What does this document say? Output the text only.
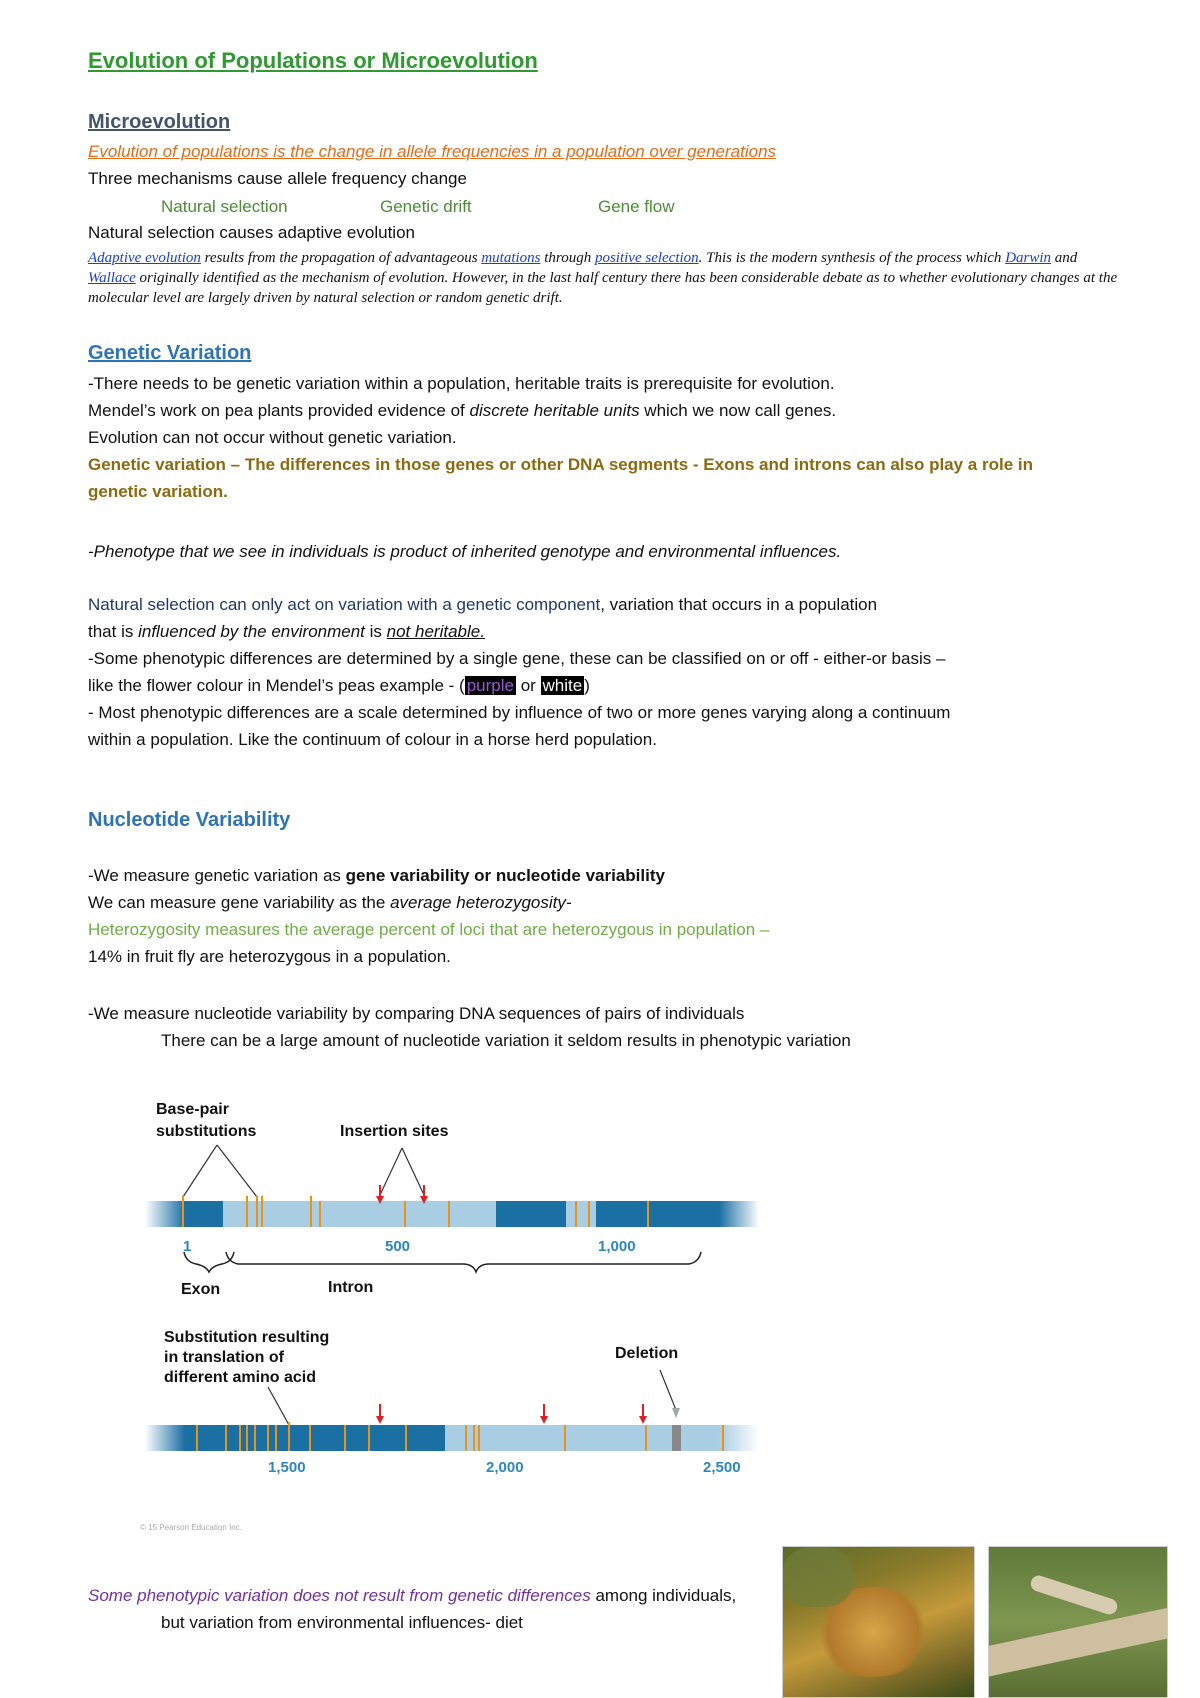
Evolution of Populations or Microevolution
Microevolution
Evolution of populations is the change in allele frequencies in a population over generations
Three mechanisms cause allele frequency change
Natural selection	Genetic drift	Gene flow
Natural selection causes adaptive evolution
Adaptive evolution results from the propagation of advantageous mutations through positive selection. This is the modern synthesis of the process which Darwin and Wallace originally identified as the mechanism of evolution. However, in the last half century there has been considerable debate as to whether evolutionary changes at the molecular level are largely driven by natural selection or random genetic drift.
Genetic Variation
-There needs to be genetic variation within a population, heritable traits is prerequisite for evolution.
Mendel’s work on pea plants provided evidence of discrete heritable units which we now call genes.
Evolution can not occur without genetic variation.
Genetic variation – The differences in those genes or other DNA segments - Exons and introns can also play a role in
genetic variation.
-Phenotype that we see in individuals is product of inherited genotype and environmental influences.
Natural selection can only act on variation with a genetic component, variation that occurs in a population
that is influenced by the environment is not heritable.
-Some phenotypic differences are determined by a single gene, these can be classified on or off - either-or basis –
like the flower colour in Mendel’s peas example - ( purple or white )
- Most phenotypic differences are a scale determined by influence of two or more genes varying along a continuum
within a population. Like the continuum of colour in a horse herd population.
Nucleotide Variability
-We measure genetic variation as gene variability or nucleotide variability
We can measure gene variability as the average heterozygosity-
Heterozygosity measures the average percent of loci that are heterozygous in population –
14% in fruit fly are heterozygous in a population.
-We measure nucleotide variability by comparing DNA sequences of pairs of individuals
There can be a large amount of nucleotide variation it seldom results in phenotypic variation
Base-pair
substitutions	Insertion sites
1	500	1,000
Exon	Intron
Substitution resulting
in translation of
different amino acid
Deletion
1,500	2,000	2,500
© 15 Pearson Education Inc.
Some phenotypic variation does not result from genetic differences among individuals,
but variation from environmental influences- diet
